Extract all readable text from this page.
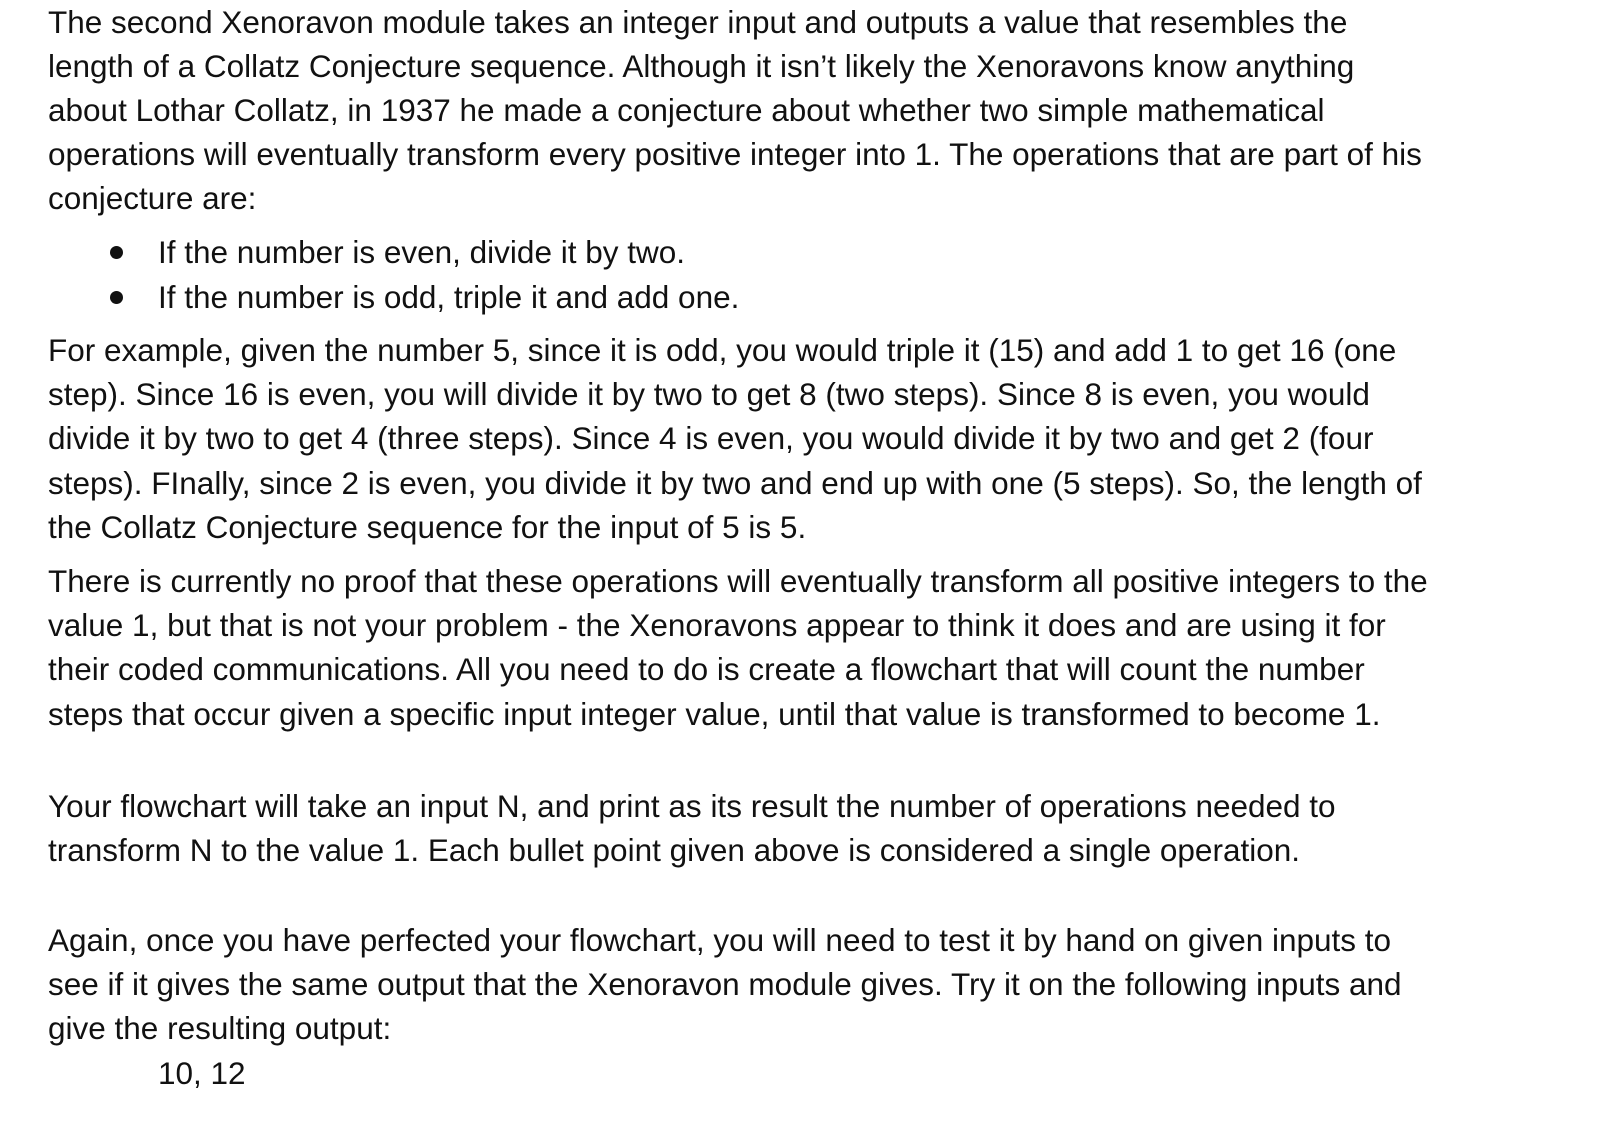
The second Xenoravon module takes an integer input and outputs a value that resembles the

length of a Collatz Conjecture sequence. Although it isn’t likely the Xenoravons know anything

about Lothar Collatz, in 1937 he made a conjecture about whether two simple mathematical

operations will eventually transform every positive integer into 1. The operations that are part of his

conjecture are:

If the number is even, divide it by two.
If the number is odd, triple it and add one.

For example, given the number 5, since it is odd, you would triple it (15) and add 1 to get 16 (one

step). Since 16 is even, you will divide it by two to get 8 (two steps). Since 8 is even, you would

divide it by two to get 4 (three steps). Since 4 is even, you would divide it by two and get 2 (four

steps). FInally, since 2 is even, you divide it by two and end up with one (5 steps). So, the length of

the Collatz Conjecture sequence for the input of 5 is 5.

There is currently no proof that these operations will eventually transform all positive integers to the

value 1, but that is not your problem - the Xenoravons appear to think it does and are using it for

their coded communications. All you need to do is create a flowchart that will count the number

steps that occur given a specific input integer value, until that value is transformed to become 1.

Your flowchart will take an input N, and print as its result the number of operations needed to

transform N to the value 1. Each bullet point given above is considered a single operation.

Again, once you have perfected your flowchart, you will need to test it by hand on given inputs to

see if it gives the same output that the Xenoravon module gives. Try it on the following inputs and

give the resulting output:

10, 12
